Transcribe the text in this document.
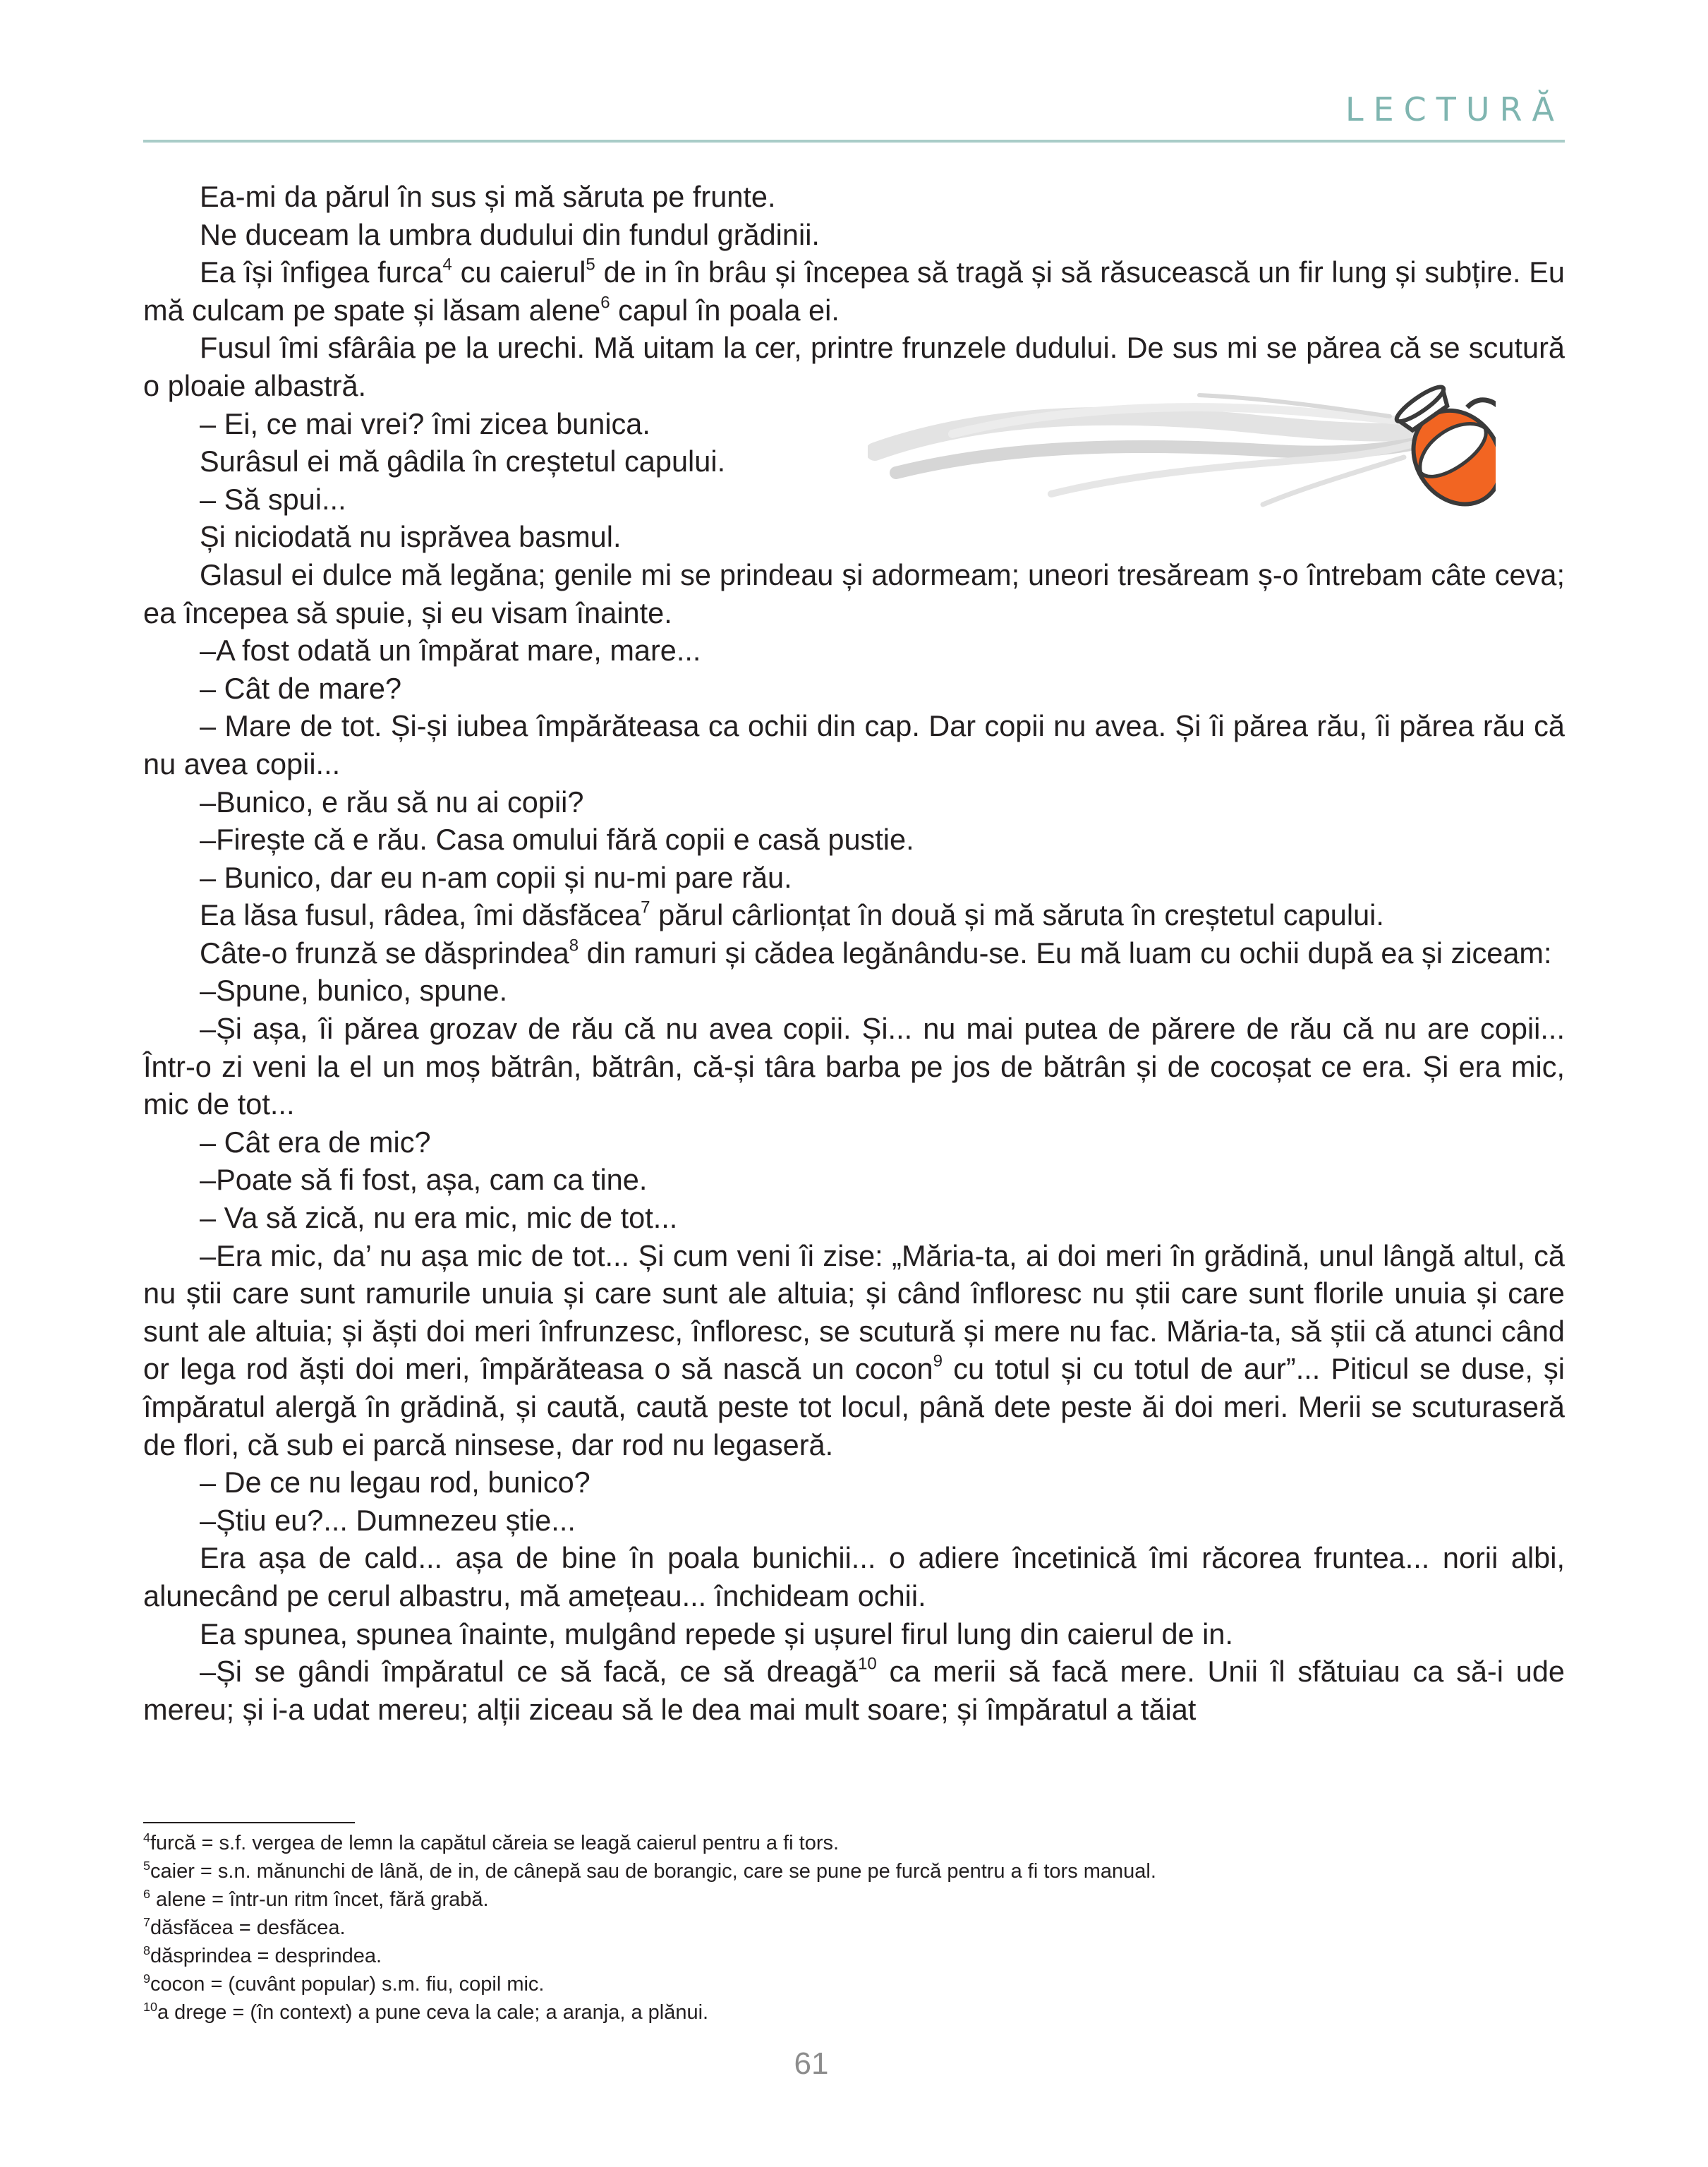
LECTURĂ

Ea-mi da părul în sus și mă săruta pe frunte.

Ne duceam la umbra dudului din fundul grădinii.

Ea își înfigea furca$^4$ cu caierul$^5$ de in în brâu și începea să tragă și să răsucească un fir lung și subțire. Eu mă culcam pe spate și lăsam alene$^6$ capul în poala ei.

Fusul îmi sfârâia pe la urechi. Mă uitam la cer, printre frunzele dudului. De sus mi se părea că se scutură o ploaie albastră.

– Ei, ce mai vrei? îmi zicea bunica.

Surâsul ei mă gâdila în creștetul capului.

– Să spui...

Și niciodată nu isprăvea basmul.

Glasul ei dulce mă legăna; genile mi se prindeau și adormeam; uneori tresăream ș-o întrebam câte ceva; ea începea să spuie, și eu visam înainte.

–A fost odată un împărat mare, mare...

– Cât de mare?

– Mare de tot. Și-și iubea împărăteasa ca ochii din cap. Dar copii nu avea. Și îi părea rău, îi părea rău că nu avea copii...

–Bunico, e rău să nu ai copii?

–Firește că e rău. Casa omului fără copii e casă pustie.

– Bunico, dar eu n-am copii și nu-mi pare rău.

Ea lăsa fusul, râdea, îmi dăsfăcea$^7$ părul cârlionțat în două și mă săruta în creștetul capului.

Câte-o frunză se dăsprindea$^8$ din ramuri și cădea legănându-se. Eu mă luam cu ochii după ea și ziceam:

–Spune, bunico, spune.

–Și așa, îi părea grozav de rău că nu avea copii. Și... nu mai putea de părere de rău că nu are copii... Într-o zi veni la el un moș bătrân, bătrân, că-și târa barba pe jos de bătrân și de cocoșat ce era. Și era mic, mic de tot...

– Cât era de mic?

–Poate să fi fost, așa, cam ca tine.

– Va să zică, nu era mic, mic de tot...

–Era mic, da’ nu așa mic de tot... Și cum veni îi zise: „Măria-ta, ai doi meri în grădină, unul lângă altul, că nu știi care sunt ramurile unuia și care sunt ale altuia; și când înfloresc nu știi care sunt florile unuia și care sunt ale altuia; și ăști doi meri înfrunzesc, înfloresc, se scutură și mere nu fac. Măria-ta, să știi că atunci când or lega rod ăști doi meri, împărăteasa o să nască un cocon$^9$ cu totul și cu totul de aur”... Piticul se duse, și împăratul alergă în grădină, și caută, caută peste tot locul, până dete peste ăi doi meri. Merii se scuturaseră de flori, că sub ei parcă ninsese, dar rod nu legaseră.

– De ce nu legau rod, bunico?

–Știu eu?... Dumnezeu știe...

Era așa de cald... așa de bine în poala bunichii... o adiere încetinică îmi răcorea fruntea... norii albi, alunecând pe cerul albastru, mă amețeau... închideam ochii.

Ea spunea, spunea înainte, mulgând repede și ușurel firul lung din caierul de in.

–Și se gândi împăratul ce să facă, ce să dreagă$^{10}$ ca merii să facă mere. Unii îl sfătuiau ca să-i ude mereu; și i-a udat mereu; alții ziceau să le dea mai mult soare; și împăratul a tăiat

$^4$furcă = s.f. vergea de lemn la capătul căreia se leagă caierul pentru a fi tors.
$^5$caier = s.n. mănunchi de lână, de in, de cânepă sau de borangic, care se pune pe furcă pentru a fi tors manual.
$^6$ alene = într-un ritm încet, fără grabă.
$^7$dăsfăcea = desfăcea.
$^8$dăsprindea = desprindea.
$^9$cocon = (cuvânt popular) s.m. fiu, copil mic.
$^{10}$a drege = (în context) a pune ceva la cale; a aranja, a plănui.
61
